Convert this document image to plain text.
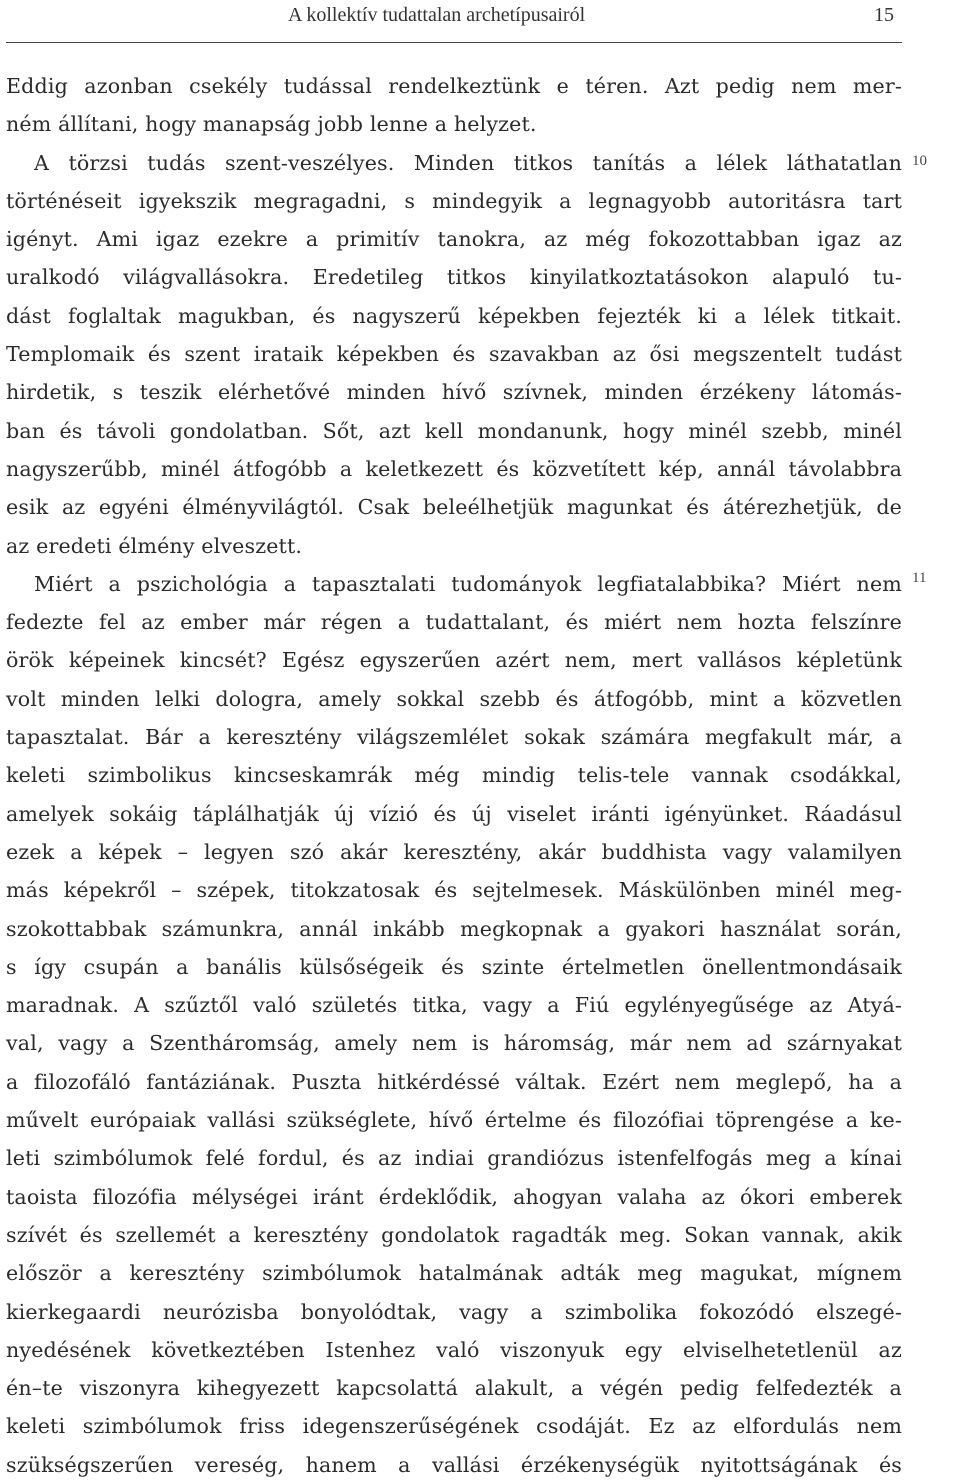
A kollektív tudattalan archetípusairól	15
10
11
Eddig azonban csekély tudással rendelkeztünk e téren. Azt pedig nem mer-
ném állítani, hogy manapság jobb lenne a helyzet.
A törzsi tudás szent-veszélyes. Minden titkos tanítás a lélek láthatatlan
történéseit igyekszik megragadni, s mindegyik a legnagyobb autoritásra tart
igényt. Ami igaz ezekre a primitív tanokra, az még fokozottabban igaz az
uralkodó világvallásokra. Eredetileg titkos kinyilatkoztatásokon alapuló tu-
dást foglaltak magukban, és nagyszerű képekben fejezték ki a lélek titkait.
Templomaik és szent irataik képekben és szavakban az ősi megszentelt tudást
hirdetik, s teszik elérhetővé minden hívő szívnek, minden érzékeny látomás-
ban és távoli gondolatban. Sőt, azt kell mondanunk, hogy minél szebb, minél
nagyszerűbb, minél átfogóbb a keletkezett és közvetített kép, annál távolabbra
esik az egyéni élményvilágtól. Csak beleélhetjük magunkat és átérezhetjük, de
az eredeti élmény elveszett.
Miért a pszichológia a tapasztalati tudományok legfiatalabbika? Miért nem
fedezte fel az ember már régen a tudattalant, és miért nem hozta felszínre
örök képeinek kincsét? Egész egyszerűen azért nem, mert vallásos képletünk
volt minden lelki dologra, amely sokkal szebb és átfogóbb, mint a közvetlen
tapasztalat. Bár a keresztény világszemlélet sokak számára megfakult már, a
keleti szimbolikus kincseskamrák még mindig telis-tele vannak csodákkal,
amelyek sokáig táplálhatják új vízió és új viselet iránti igényünket. Ráadásul
ezek a képek – legyen szó akár keresztény, akár buddhista vagy valamilyen
más képekről – szépek, titokzatosak és sejtelmesek. Máskülönben minél meg-
szokottabbak számunkra, annál inkább megkopnak a gyakori használat során,
s így csupán a banális külsőségeik és szinte értelmetlen önellentmondásaik
maradnak. A szűztől való születés titka, vagy a Fiú egylényegűsége az Atyá-
val, vagy a Szentháromság, amely nem is háromság, már nem ad szárnyakat
a filozofáló fantáziának. Puszta hitkérdéssé váltak. Ezért nem meglepő, ha a
művelt európaiak vallási szükséglete, hívő értelme és filozófiai töprengése a ke-
leti szimbólumok felé fordul, és az indiai grandiózus istenfelfogás meg a kínai
taoista filozófia mélységei iránt érdeklődik, ahogyan valaha az ókori emberek
szívét és szellemét a keresztény gondolatok ragadták meg. Sokan vannak, akik
először a keresztény szimbólumok hatalmának adták meg magukat, mígnem
kierkegaardi neurózisba bonyolódtak, vagy a szimbolika fokozódó elszegé-
nyedésének következtében Istenhez való viszonyuk egy elviselhetetlenül az
én–te viszonyra kihegyezett kapcsolattá alakult, a végén pedig felfedezték a
keleti szimbólumok friss idegenszerűségének csodáját. Ez az elfordulás nem
szükségszerűen vereség, hanem a vallási érzékenységük nyitottságának és
